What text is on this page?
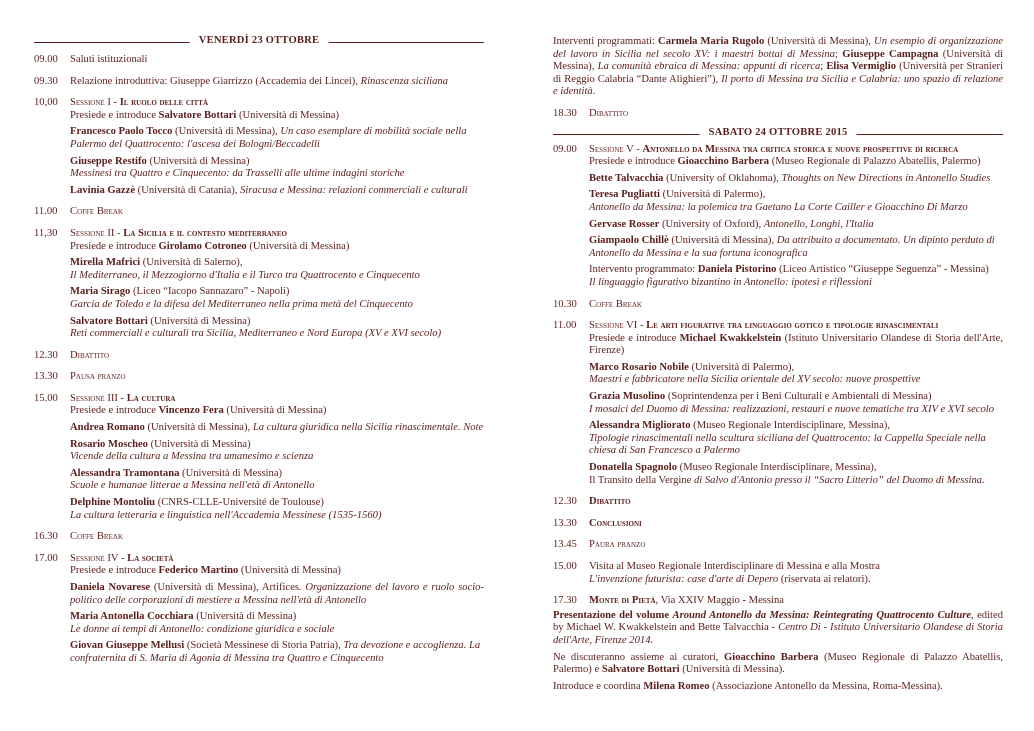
VENERDÌ 23 OTTOBRE
09.00	Saluti istituzionali
09.30	Relazione introduttiva: Giuseppe Giarrizzo (Accademia dei Lincei), Rinascenza siciliana
10,00	Sessione I - Il ruolo delle città
Presiede e introduce Salvatore Bottari (Università di Messina)
Francesco Paolo Tocco (Università di Messina), Un caso esemplare di mobilità sociale nella Palermo del Quattrocento: l'ascesa dei Bologni/Beccadelli
Giuseppe Restifo (Università di Messina)
Messinesi tra Quattro e Cinquecento: da Trasselli alle ultime indagini storiche
Lavinia Gazzè (Università di Catania), Siracusa e Messina: relazioni commerciali e culturali
11.00	Coffe Break
11,30	Sessione II - La Sicilia e il contesto mediterraneo
Presiede e introduce Girolamo Cotroneo (Università di Messina)
Mirella Mafrici (Università di Salerno),
Il Mediterraneo, il Mezzogiorno d'Italia e il Turco tra Quattrocento e Cinquecento
Maria Sirago (Liceo “Iacopo Sannazaro” - Napoli)
Garcia de Toledo e la difesa del Mediterraneo nella prima metà del Cinquecento
Salvatore Bottari (Università di Messina)
Reti commerciali e culturali tra Sicilia, Mediterraneo e Nord Europa (XV e XVI secolo)
12.30	Dibattito
13.30	Pausa pranzo
15.00	Sessione III - La cultura
Presiede e introduce Vincenzo Fera (Università di Messina)
Andrea Romano (Università di Messina), La cultura giuridica nella Sicilia rinascimentale. Note
Rosario Moscheo (Università di Messina)
Vicende della cultura a Messina tra umanesimo e scienza
Alessandra Tramontana (Università di Messina)
Scuole e humanae litterae a Messina nell'età di Antonello
Delphine Montoliu (CNRS-CLLE-Université de Toulouse)
La cultura letteraria e linguistica nell'Accademia Messinese (1535-1560)
16.30	Coffe Break
17.00	Sessione IV - La società
Presiede e introduce Federico Martino (Università di Messina)
Daniela Novarese (Università di Messina), Artifices. Organizzazione del lavoro e ruolo socio-politico delle corporazioni di mestiere a Messina nell'età di Antonello
Maria Antonella Cocchiara (Università di Messina)
Le donne ai tempi di Antonello: condizione giuridica e sociale
Giovan Giuseppe Mellusi (Società Messinese di Storia Patria), Tra devozione e accoglienza. La confraternita di S. Maria di Agonia di Messina tra Quattro e Cinquecento
Interventi programmati: Carmela Maria Rugolo (Università di Messina), Un esempio di organizzazione del lavoro in Sicilia nel secolo XV: i maestri bottai di Messina; Giuseppe Campagna (Università di Messina), La comunità ebraica di Messina: appunti di ricerca; Elisa Vermiglio (Università per Stranieri di Reggio Calabria “Dante Alighieri”), Il porto di Messina tra Sicilia e Calabria: uno spazio di relazione e identità.
18.30	Dibattito
SABATO 24 OTTOBRE 2015
09.00	Sessione V - Antonello da Messina tra critica storica e nuove prospettive di ricerca
Presiede e introduce Gioacchino Barbera (Museo Regionale di Palazzo Abatellis, Palermo)
Bette Talvacchia (University of Oklahoma), Thoughts on New Directions in Antonello Studies
Teresa Pugliatti (Università di Palermo),
Antonello da Messina: la polemica tra Gaetano La Corte Cailler e Gioacchino Di Marzo
Gervase Rosser (University of Oxford), Antonello, Longhi, l'Italia
Giampaolo Chillè (Università di Messina), Da attribuito a documentato. Un dipinto perduto di Antonello da Messina e la sua fortuna iconografica
Intervento programmato: Daniela Pistorino (Liceo Artistico “Giuseppe Seguenza” - Messina)
Il linguaggio figurativo bizantino in Antonello: ipotesi e riflessioni
10.30	Coffe Break
11.00	Sessione VI - Le arti figurative tra linguaggio gotico e tipologie rinascimentali
Presiede e introduce Michael Kwakkelstein (Istituto Universitario Olandese di Storia dell'Arte, Firenze)
Marco Rosario Nobile (Università di Palermo),
Maestri e fabbricatore nella Sicilia orientale del XV secolo: nuove prospettive
Grazia Musolino (Soprintendenza per i Beni Culturali e Ambientali di Messina)
I mosaici del Duomo di Messina: realizzazioni, restauri e nuove tematiche tra XIV e XVI secolo
Alessandra Migliorato (Museo Regionale Interdisciplinare, Messina),
Tipologie rinascimentali nella scultura siciliana del Quattrocento: la Cappella Speciale nella chiesa di San Francesco a Palermo
Donatella Spagnolo (Museo Regionale Interdisciplinare, Messina),
Il Transito della Vergine di Salvo d'Antonio presso il “Sacro Litterio” del Duomo di Messina.
12.30	Dibattito
13.30	Conclusioni
13.45	Paura pranzo
15.00	Visita al Museo Regionale Interdisciplinare di Messina e alla Mostra
L'invenzione futurista: case d'arte di Depero (riservata ai relatori).
17.30	Monte di Pietà, Via XXIV Maggio - Messina
Presentazione del volume Around Antonello da Messina: Reintegrating Quattrocento Culture, edited by Michael W. Kwakkelstein and Bette Talvacchia - Centro Di - Istituto Universitario Olandese di Storia dell'Arte, Firenze 2014.
Ne discuteranno assieme ai curatori, Gioacchino Barbera (Museo Regionale di Palazzo Abatellis, Palermo) e Salvatore Bottari (Università di Messina).
Introduce e coordina Milena Romeo (Associazione Antonello da Messina, Roma-Messina).
